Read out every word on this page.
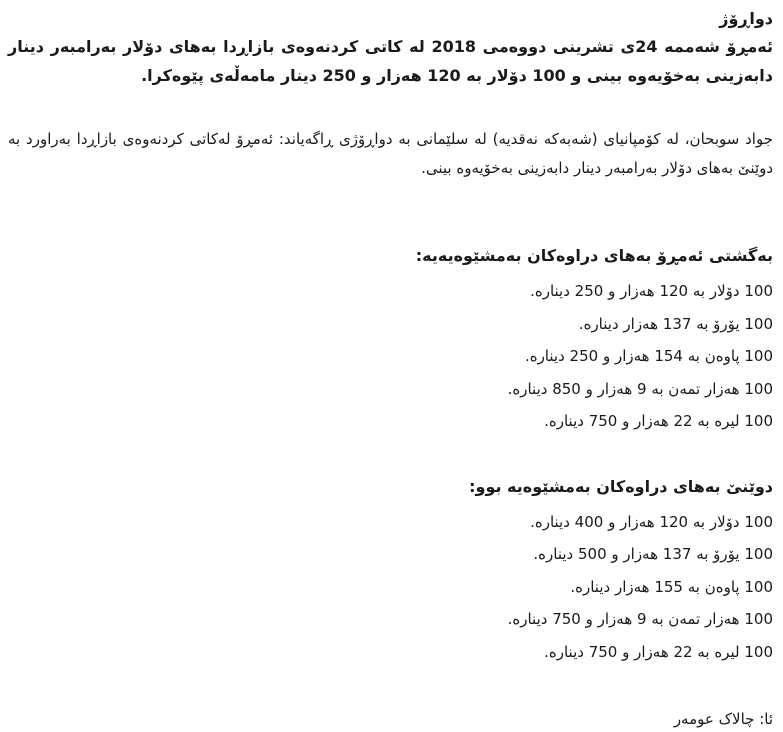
دواڕۆژ

ئەمڕۆ شەممە 24ی تشرینی دووەمی 2018 لە کاتی کردنەوەی بازاڕدا بەهای دۆلار بەرامبەر دینار دابەزینی بەخۆیەوە بینی و 100 دۆلار بە 120 هەزار و 250 دینار مامەڵەی پێوەکرا.

جواد سوبحان، لە کۆمپانیای (شەبەکە نەقدیە) لە سلێمانی بە دواڕۆژی ڕاگەیاند: ئەمڕۆ لەکاتی کردنەوەی بازاڕدا بەراورد بە دوێنێ بەهای دۆلار بەرامبەر دینار دابەزینی بەخۆیەوە بینی.

بەگشتی ئەمڕۆ بەهای دراوەکان بەمشێوەیەیە:
100 دۆلار بە 120 هەزار و 250 دینارە.
100 یۆرۆ بە 137 هەزار دینارە.
100 پاوەن بە 154 هەزار و 250 دینارە.
100 هەزار تمەن بە 9 هەزار و 850 دینارە.
100 لیرە بە 22 هەزار و 750 دینارە.
دوێنێ بەهای دراوەکان بەمشێوەیە بوو:
100 دۆلار بە 120 هەزار و 400 دینارە.
100 یۆرۆ بە 137 هەزار و 500 دینارە.
100 پاوەن بە 155 هەزار دینارە.
100 هەزار تمەن بە 9 هەزار و 750 دینارە.
100 لیرە بە 22 هەزار و 750 دینارە.

ئا: چالاک عومەر
